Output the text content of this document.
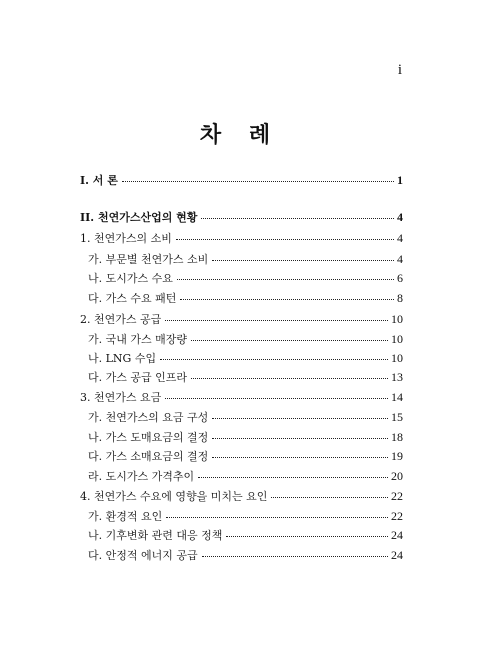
i
차 례
I. 서 론	1
II. 천연가스산업의 현황	4
1. 천연가스의 소비	4
가. 부문별 천연가스 소비	4
나. 도시가스 수요	6
다. 가스 수요 패턴	8
2. 천연가스 공급	10
가. 국내 가스 매장량	10
나. LNG 수입	10
다. 가스 공급 인프라	13
3. 천연가스 요금	14
가. 천연가스의 요금 구성	15
나. 가스 도매요금의 결정	18
다. 가스 소매요금의 결정	19
라. 도시가스 가격추이	20
4. 천연가스 수요에 영향을 미치는 요인	22
가. 환경적 요인	22
나. 기후변화 관련 대응 정책	24
다. 안정적 에너지 공급	24
